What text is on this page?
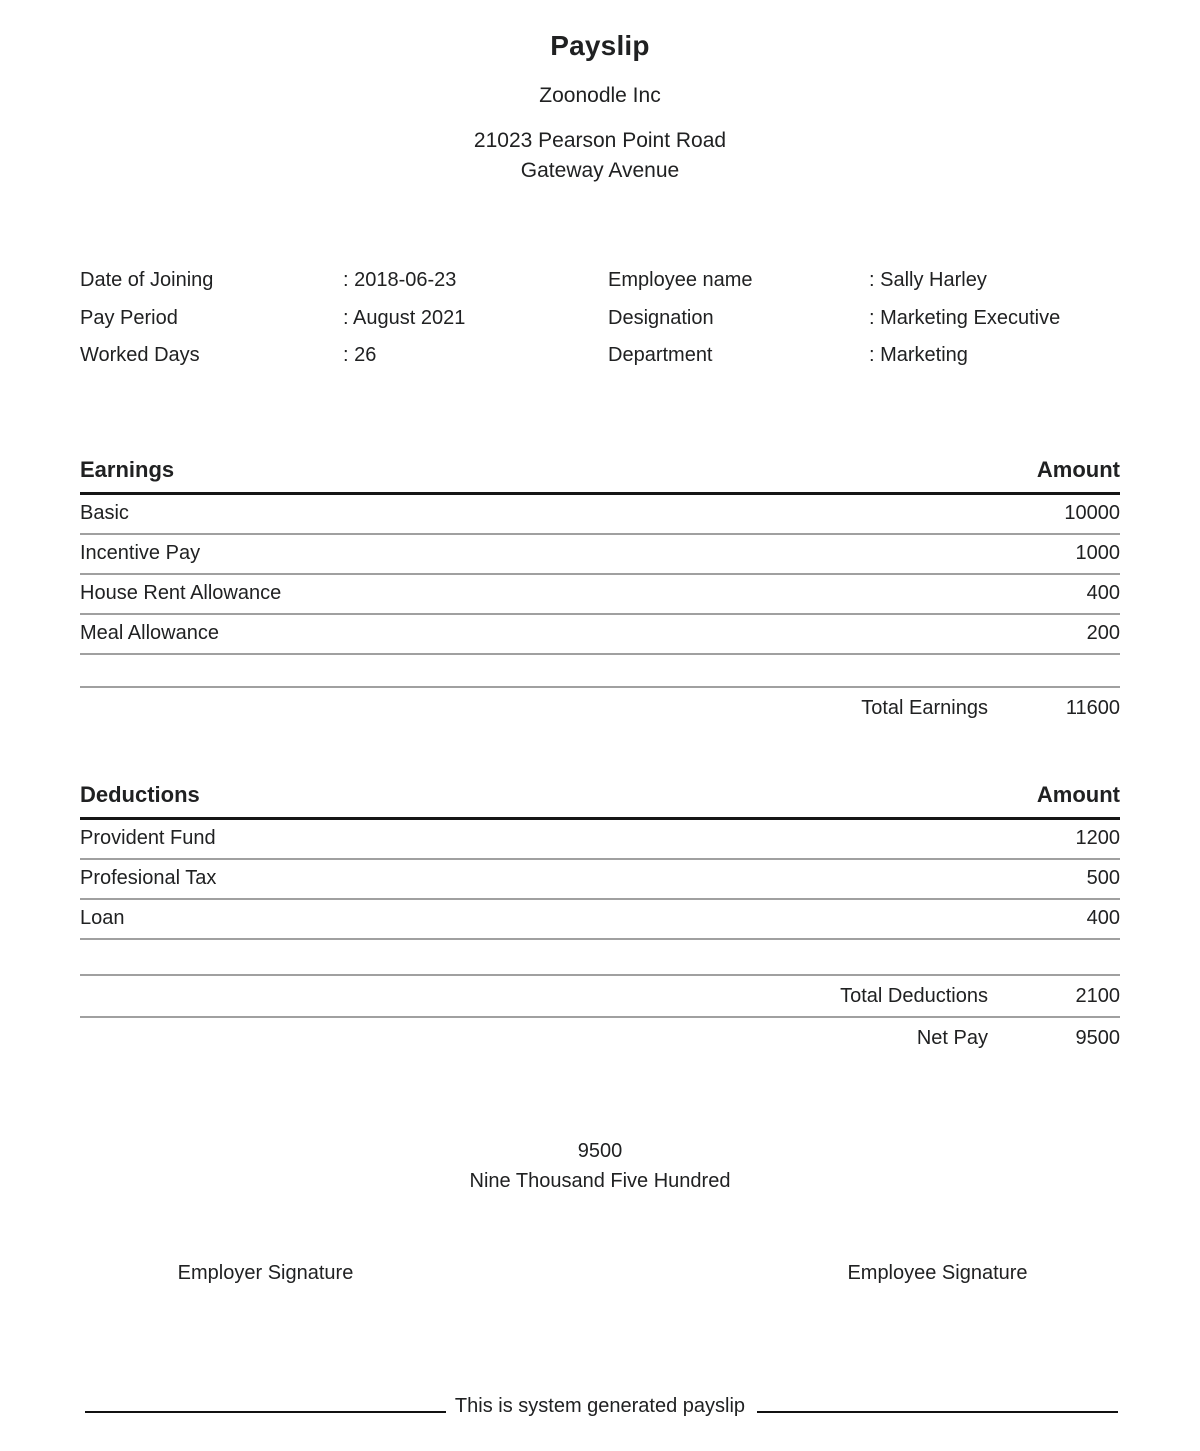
Payslip
Zoonodle Inc
21023 Pearson Point Road
Gateway Avenue
Date of Joining	: 2018-06-23
Pay Period	: August 2021
Worked Days	: 26
Employee name	: Sally Harley
Designation	: Marketing Executive
Department	: Marketing
Earnings	Amount
Basic	10000
Incentive Pay	1000
House Rent Allowance	400
Meal Allowance	200
Total Earnings	11600
Deductions	Amount
Provident Fund	1200
Profesional Tax	500
Loan	400
Total Deductions	2100
Net Pay	9500
9500
Nine Thousand Five Hundred
Employer Signature	Employee Signature
This is system generated payslip
